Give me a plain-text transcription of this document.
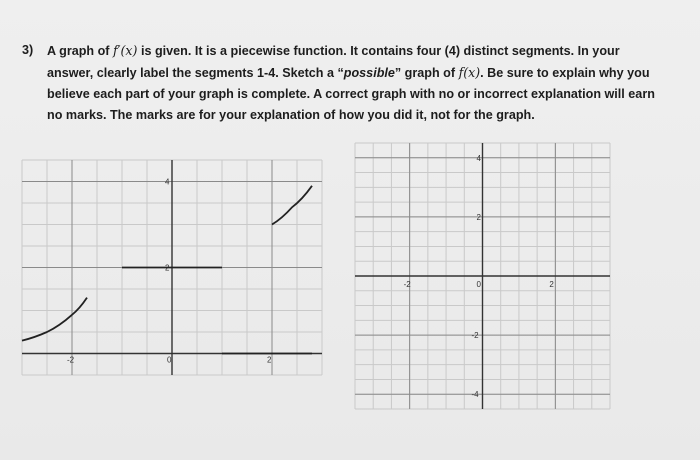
3) A graph of f′(x) is given. It is a piecewise function. It contains four (4) distinct segments. In your
answer, clearly label the segments 1-4. Sketch a “possible” graph of f(x). Be sure to explain why you
believe each part of your graph is complete. A correct graph with no or incorrect explanation will earn
no marks. The marks are for your explanation of how you did it, not for the graph.
-2	0	2
4
2
-2	0	2
4
2
-2
-4
